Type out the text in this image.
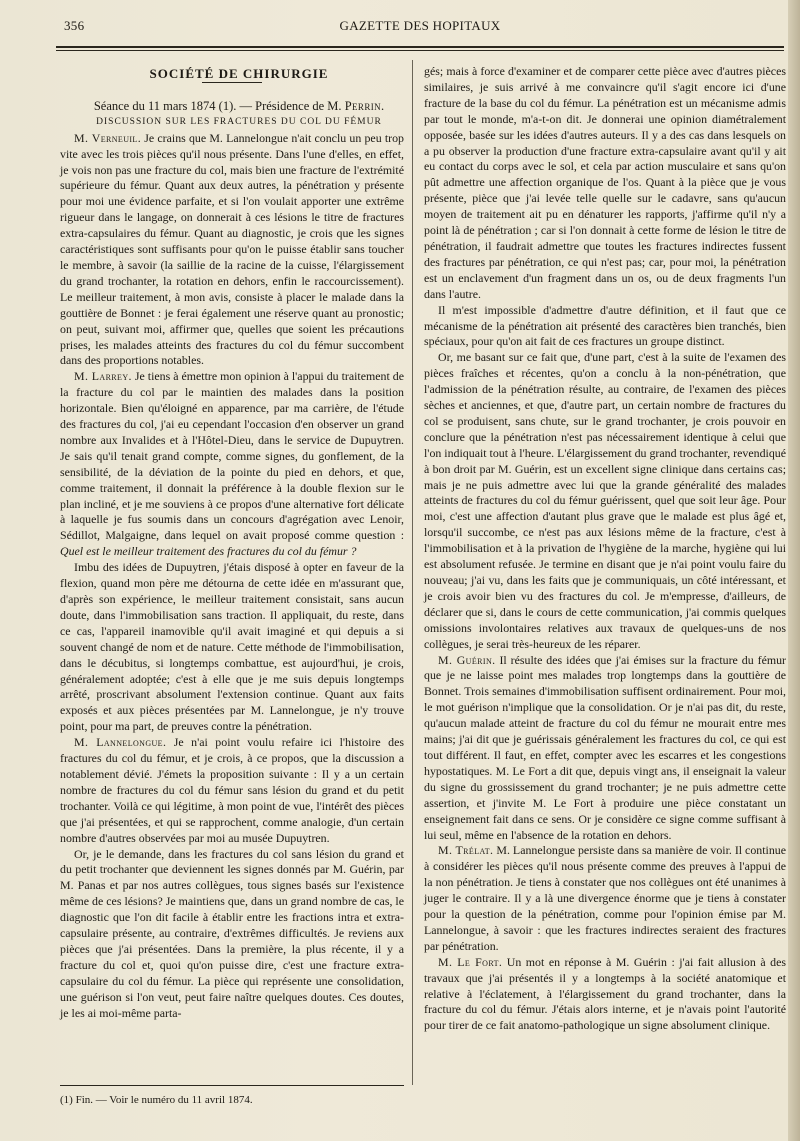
356	GAZETTE DES HOPITAUX

SOCIÉTÉ DE CHIRURGIE

Séance du 11 mars 1874 (1). — Présidence de M. Perrin.

DISCUSSION SUR LES FRACTURES DU COL DU FÉMUR

M. Verneuil. Je crains que M. Lannelongue n'ait conclu un peu trop vite avec les trois pièces qu'il nous présente. Dans l'une d'elles, en effet, je vois non pas une fracture du col, mais bien une fracture de l'extrémité supérieure du fémur. Quant aux deux autres, la pénétration y présente pour moi une évidence parfaite, et si l'on voulait apporter une extrême rigueur dans le langage, on donnerait à ces lésions le titre de fractures extra-capsulaires du fémur. Quant au diagnostic, je crois que les signes caractéristiques sont suffisants pour qu'on le puisse établir sans toucher le membre, à savoir (la saillie de la racine de la cuisse, l'élargissement du grand trochanter, la rotation en dehors, enfin le raccourcissement). Le meilleur traitement, à mon avis, consiste à placer le malade dans la gouttière de Bonnet : je ferai également une réserve quant au pronostic; on peut, suivant moi, affirmer que, quelles que soient les précautions prises, les malades atteints des fractures du col du fémur succombent dans des proportions notables.

M. Larrey. Je tiens à émettre mon opinion à l'appui du traitement de la fracture du col par le maintien des malades dans la position horizontale. Bien qu'éloigné en apparence, par ma carrière, de l'étude des fractures du col, j'ai eu cependant l'occasion d'en observer un grand nombre aux Invalides et à l'Hôtel-Dieu, dans le service de Dupuytren. Je sais qu'il tenait grand compte, comme signes, du gonflement, de la sensibilité, de la déviation de la pointe du pied en dehors, et que, comme traitement, il donnait la préférence à la double flexion sur le plan incliné, et je me souviens à ce propos d'une alternative fort délicate à laquelle je fus soumis dans un concours d'agrégation avec Lenoir, Sédillot, Malgaigne, dans lequel on avait proposé comme question : Quel est le meilleur traitement des fractures du col du fémur ?

Imbu des idées de Dupuytren, j'étais disposé à opter en faveur de la flexion, quand mon père me détourna de cette idée en m'assurant que, d'après son expérience, le meilleur traitement consistait, sans aucun doute, dans l'immobilisation sans traction. Il appliquait, du reste, dans ce cas, l'appareil inamovible qu'il avait imaginé et qui depuis a si souvent changé de nom et de nature. Cette méthode de l'immobilisation, dans le décubitus, si longtemps combattue, est aujourd'hui, je crois, généralement adoptée; c'est à elle que je me suis depuis longtemps arrêté, proscrivant absolument l'extension continue. Quant aux faits exposés et aux pièces présentées par M. Lannelongue, je n'y trouve point, pour ma part, de preuves contre la pénétration.

M. Lannelongue. Je n'ai point voulu refaire ici l'histoire des fractures du col du fémur, et je crois, à ce propos, que la discussion a notablement dévié. J'émets la proposition suivante : Il y a un certain nombre de fractures du col du fémur sans lésion du grand et du petit trochanter. Voilà ce qui légitime, à mon point de vue, l'intérêt des pièces que j'ai présentées, et qui se rapprochent, comme analogie, d'un certain nombre d'autres observées par moi au musée Dupuytren.

Or, je le demande, dans les fractures du col sans lésion du grand et du petit trochanter que deviennent les signes donnés par M. Guérin, par M. Panas et par nos autres collègues, tous signes basés sur l'existence même de ces lésions? Je maintiens que, dans un grand nombre de cas, le diagnostic que l'on dit facile à établir entre les fractions intra et extra-capsulaire présente, au contraire, d'extrêmes difficultés. Je reviens aux pièces que j'ai présentées. Dans la première, la plus récente, il y a fracture du col et, quoi qu'on puisse dire, c'est une fracture extra-capsulaire du col du fémur. La pièce qui représente une consolidation, une guérison si l'on veut, peut faire naître quelques doutes. Ces doutes, je les ai moi-même parta-

(1) Fin. — Voir le numéro du 11 avril 1874.

gés; mais à force d'examiner et de comparer cette pièce avec d'autres pièces similaires, je suis arrivé à me convaincre qu'il s'agit encore ici d'une fracture de la base du col du fémur. La pénétration est un mécanisme admis par tout le monde, m'a-t-on dit. Je donnerai une opinion diamétralement opposée, basée sur les idées d'autres auteurs. Il y a des cas dans lesquels on a pu observer la production d'une fracture extra-capsulaire avant qu'il y ait eu contact du corps avec le sol, et cela par action musculaire et sans qu'on pût admettre une affection organique de l'os. Quant à la pièce que je vous présente, pièce que j'ai levée telle quelle sur le cadavre, sans qu'aucun moyen de traitement ait pu en dénaturer les rapports, j'affirme qu'il n'y a point là de pénétration ; car si l'on donnait à cette forme de lésion le titre de pénétration, il faudrait admettre que toutes les fractures indirectes fussent des fractures par pénétration, ce qui n'est pas; car, pour moi, la pénétration est un enclavement d'un fragment dans un os, ou de deux fragments l'un dans l'autre.

Il m'est impossible d'admettre d'autre définition, et il faut que ce mécanisme de la pénétration ait présenté des caractères bien tranchés, bien spéciaux, pour qu'on ait fait de ces fractures un groupe distinct.

Or, me basant sur ce fait que, d'une part, c'est à la suite de l'examen des pièces fraîches et récentes, qu'on a conclu à la non-pénétration, que l'admission de la pénétration résulte, au contraire, de l'examen des pièces sèches et anciennes, et que, d'autre part, un certain nombre de fractures du col se produisent, sans chute, sur le grand trochanter, je crois pouvoir en conclure que la pénétration n'est pas nécessairement identique à celui que l'on indiquait tout à l'heure. L'élargissement du grand trochanter, revendiqué à bon droit par M. Guérin, est un excellent signe clinique dans certains cas; mais je ne puis admettre avec lui que la grande généralité des malades atteints de fractures du col du fémur guérissent, quel que soit leur âge. Pour moi, c'est une affection d'autant plus grave que le malade est plus âgé et, lorsqu'il succombe, ce n'est pas aux lésions même de la fracture, c'est à l'immobilisation et à la privation de l'hygiène de la marche, hygiène qui lui est absolument refusée. Je termine en disant que je n'ai point voulu faire du nouveau; j'ai vu, dans les faits que je communiquais, un côté intéressant, et je crois avoir bien vu des fractures du col. Je m'empresse, d'ailleurs, de déclarer que si, dans le cours de cette communication, j'ai commis quelques omissions involontaires relatives aux travaux de quelques-uns de nos collègues, je serai très-heureux de les réparer.

M. Guérin. Il résulte des idées que j'ai émises sur la fracture du fémur que je ne laisse point mes malades trop longtemps dans la gouttière de Bonnet. Trois semaines d'immobilisation suffisent ordinairement. Pour moi, le mot guérison n'implique que la consolidation. Or je n'ai pas dit, du reste, qu'aucun malade atteint de fracture du col du fémur ne mourait entre mes mains; j'ai dit que je guérissais généralement les fractures du col, ce qui est tout différent. Il faut, en effet, compter avec les escarres et les congestions hypostatiques. M. Le Fort a dit que, depuis vingt ans, il enseignait la valeur du signe du grossissement du grand trochanter; je ne puis admettre cette assertion, et j'invite M. Le Fort à produire une pièce constatant un enseignement fait dans ce sens. Or je considère ce signe comme suffisant à lui seul, même en l'absence de la rotation en dehors.

M. Trélat. M. Lannelongue persiste dans sa manière de voir. Il continue à considérer les pièces qu'il nous présente comme des preuves à l'appui de la non pénétration. Je tiens à constater que nos collègues ont été unanimes à juger le contraire. Il y a là une divergence énorme que je tiens à constater pour la question de la pénétration, comme pour l'opinion émise par M. Lannelongue, à savoir : que les fractures indirectes seraient des fractures par pénétration.

M. Le Fort. Un mot en réponse à M. Guérin : j'ai fait allusion à des travaux que j'ai présentés il y a longtemps à la société anatomique et relative à l'éclatement, à l'élargissement du grand trochanter, dans la fracture du col du fémur. J'étais alors interne, et je n'avais point l'autorité pour tirer de ce fait anatomo-pathologique un signe absolument clinique.
